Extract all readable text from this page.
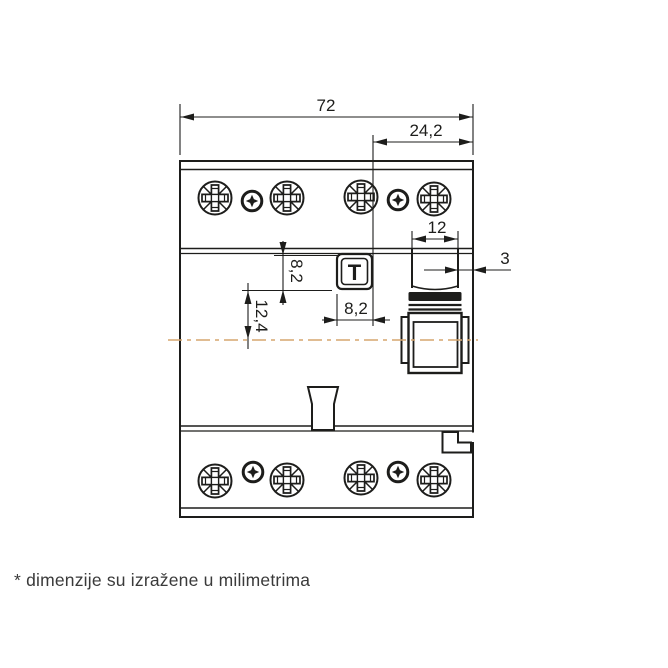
T
72
24,2
12
3
8,2
8,2
12,4
* dimenzije su izražene u milimetrima
